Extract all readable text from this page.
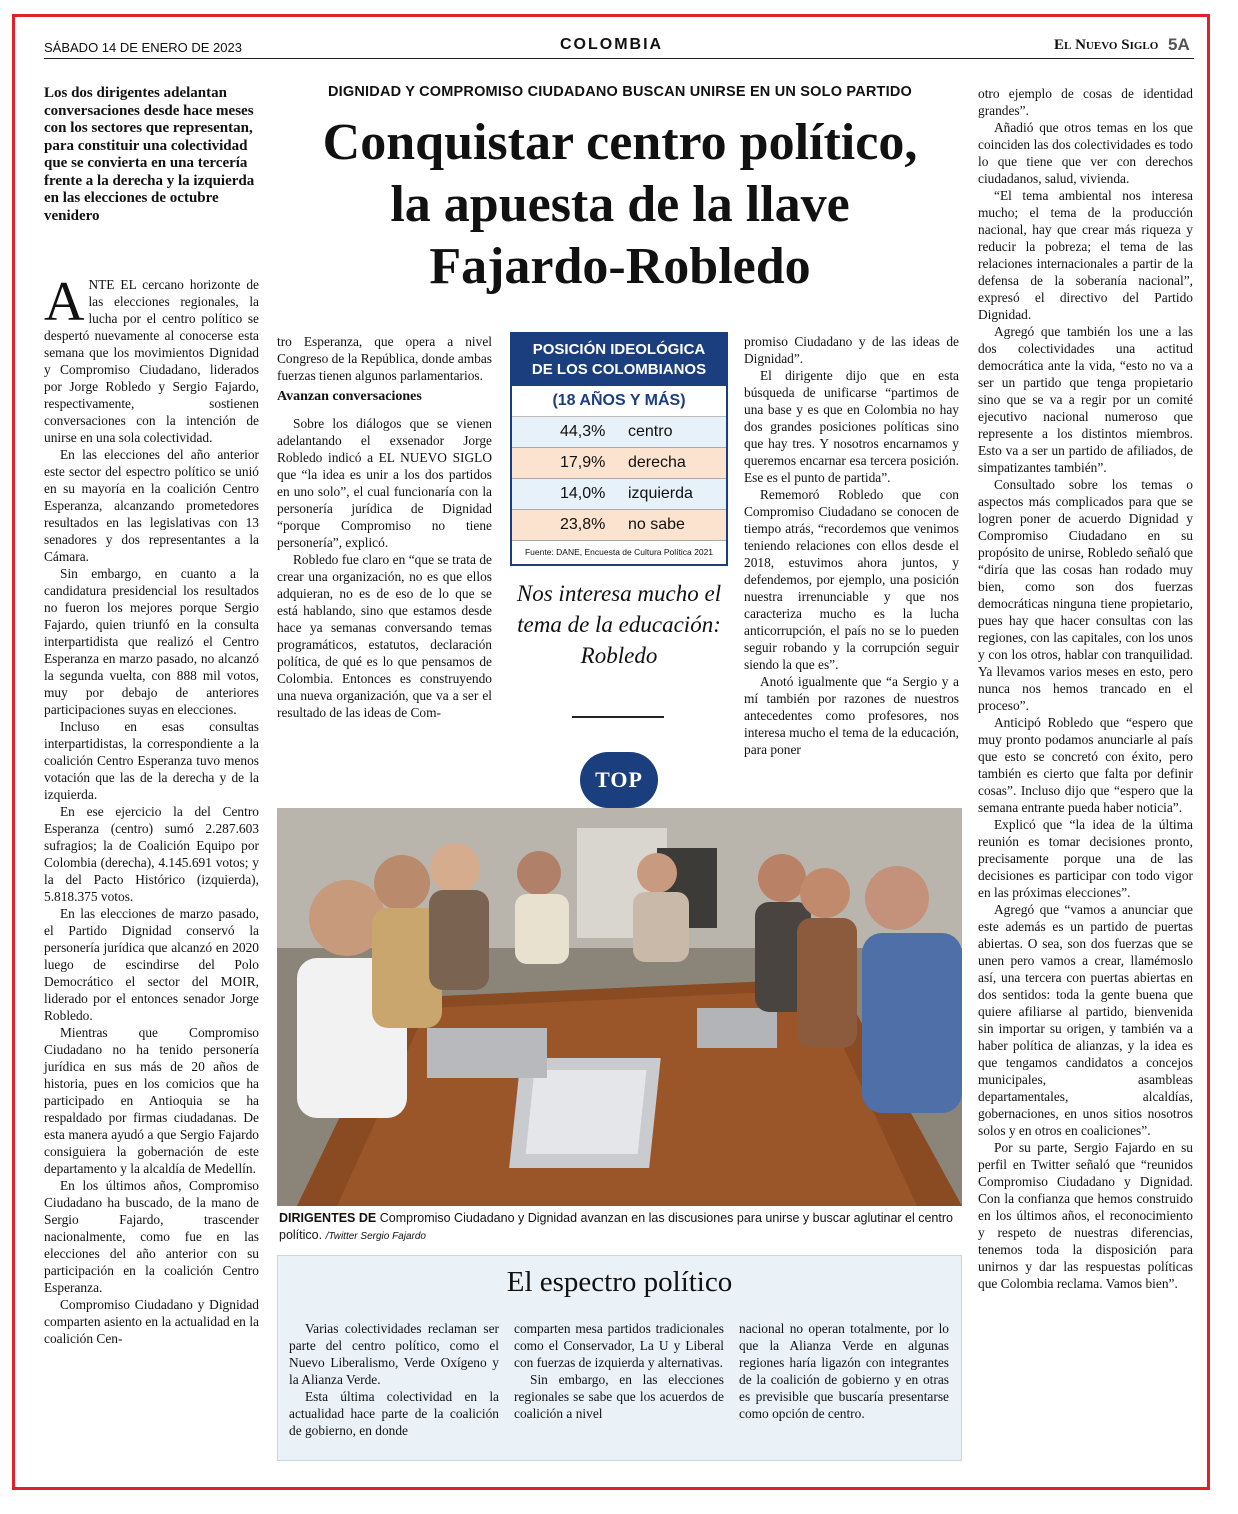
SÁBADO 14 DE ENERO DE 2023	COLOMBIA	El Nuevo Siglo 5A
Los dos dirigentes adelantan conversaciones desde hace meses con los sectores que representan, para constituir una colectividad que se convierta en una tercería frente a la derecha y la izquierda en las elecciones de octubre venidero
DIGNIDAD Y COMPROMISO CIUDADANO BUSCAN UNIRSE EN UN SOLO PARTIDO
Conquistar centro político,
la apuesta de la llave
Fajardo-Robledo

ANTE EL cercano horizonte de las elecciones regionales, la lucha por el centro político se despertó nuevamente al conocerse esta semana que los movimientos Dignidad y Compromiso Ciudadano, liderados por Jorge Robledo y Sergio Fajardo, respectivamente, sostienen conversaciones con la intención de unirse en una sola colectividad.

En las elecciones del año anterior este sector del espectro político se unió en su mayoría en la coalición Centro Esperanza, alcanzando prometedores resultados en las legislativas con 13 senadores y dos representantes a la Cámara.

Sin embargo, en cuanto a la candidatura presidencial los resultados no fueron los mejores porque Sergio Fajardo, quien triunfó en la consulta interpartidista que realizó el Centro Esperanza en marzo pasado, no alcanzó la segunda vuelta, con 888 mil votos, muy por debajo de anteriores participaciones suyas en elecciones.

Incluso en esas consultas interpartidistas, la correspondiente a la coalición Centro Esperanza tuvo menos votación que las de la derecha y de la izquierda.

En ese ejercicio la del Centro Esperanza (centro) sumó 2.287.603 sufragios; la de Coalición Equipo por Colombia (derecha), 4.145.691 votos; y la del Pacto Histórico (izquierda), 5.818.375 votos.

En las elecciones de marzo pasado, el Partido Dignidad conservó la personería jurídica que alcanzó en 2020 luego de escindirse del Polo Democrático el sector del MOIR, liderado por el entonces senador Jorge Robledo.

Mientras que Compromiso Ciudadano no ha tenido personería jurídica en sus más de 20 años de historia, pues en los comicios que ha participado en Antioquia se ha respaldado por firmas ciudadanas. De esta manera ayudó a que Sergio Fajardo consiguiera la gobernación de este departamento y la alcaldía de Medellín.

En los últimos años, Compromiso Ciudadano ha buscado, de la mano de Sergio Fajardo, trascender nacionalmente, como fue en las elecciones del año anterior con su participación en la coalición Centro Esperanza.

Compromiso Ciudadano y Dignidad comparten asiento en la actualidad en la coalición Cen-

tro Esperanza, que opera a nivel Congreso de la República, donde ambas fuerzas tienen algunos parlamentarios.

Avanzan conversaciones

Sobre los diálogos que se vienen adelantando el exsenador Jorge Robledo indicó a EL NUEVO SIGLO que “la idea es unir a los dos partidos en uno solo”, el cual funcionaría con la personería jurídica de Dignidad “porque Compromiso no tiene personería”, explicó.

Robledo fue claro en “que se trata de crear una organización, no es que ellos adquieran, no es de eso de lo que se está hablando, sino que estamos desde hace ya semanas conversando temas programáticos, estatutos, declaración política, de qué es lo que pensamos de Colombia. Entonces es construyendo una nueva organización, que va a ser el resultado de las ideas de Com-

POSICIÓN IDEOLÓGICA
DE LOS COLOMBIANOS
(18 AÑOS Y MÁS)
44,3%	centro
17,9%	derecha
14,0%	izquierda
23,8%	no sabe
Fuente: DANE, Encuesta de Cultura Política 2021
Nos interesa mucho el tema de la educación: Robledo
TOP

promiso Ciudadano y de las ideas de Dignidad”.

El dirigente dijo que en esta búsqueda de unificarse “partimos de una base y es que en Colombia no hay dos grandes posiciones políticas sino que hay tres. Y nosotros encarnamos y queremos encarnar esa tercera posición. Ese es el punto de partida”.

Rememoró Robledo que con Compromiso Ciudadano se conocen de tiempo atrás, “recordemos que venimos teniendo relaciones con ellos desde el 2018, estuvimos ahora juntos, y defendemos, por ejemplo, una posición nuestra irrenunciable y que nos caracteriza mucho es la lucha anticorrupción, el país no se lo pueden seguir robando y la corrupción seguir siendo la que es”.

Anotó igualmente que “a Sergio y a mí también por razones de nuestros antecedentes como profesores, nos interesa mucho el tema de la educación, para poner

otro ejemplo de cosas de identidad grandes”.

Añadió que otros temas en los que coinciden las dos colectividades es todo lo que tiene que ver con derechos ciudadanos, salud, vivienda.

“El tema ambiental nos interesa mucho; el tema de la producción nacional, hay que crear más riqueza y reducir la pobreza; el tema de las relaciones internacionales a partir de la defensa de la soberanía nacional”, expresó el directivo del Partido Dignidad.

Agregó que también los une a las dos colectividades una actitud democrática ante la vida, “esto no va a ser un partido que tenga propietario sino que se va a regir por un comité ejecutivo nacional numeroso que represente a los distintos miembros. Esto va a ser un partido de afiliados, de simpatizantes también”.

Consultado sobre los temas o aspectos más complicados para que se logren poner de acuerdo Dignidad y Compromiso Ciudadano en su propósito de unirse, Robledo señaló que “diría que las cosas han rodado muy bien, como son dos fuerzas democráticas ninguna tiene propietario, pues hay que hacer consultas con las regiones, con las capitales, con los unos y con los otros, hablar con tranquilidad. Ya llevamos varios meses en esto, pero nunca nos hemos trancado en el proceso”.

Anticipó Robledo que “espero que muy pronto podamos anunciarle al país que esto se concretó con éxito, pero también es cierto que falta por definir cosas”. Incluso dijo que “espero que la semana entrante pueda haber noticia”.

Explicó que “la idea de la última reunión es tomar decisiones pronto, precisamente porque una de las decisiones es participar con todo vigor en las próximas elecciones”.

Agregó que “vamos a anunciar que este además es un partido de puertas abiertas. O sea, son dos fuerzas que se unen pero vamos a crear, llamémoslo así, una tercera con puertas abiertas en dos sentidos: toda la gente buena que quiere afiliarse al partido, bienvenida sin importar su origen, y también va a haber política de alianzas, y la idea es que tengamos candidatos a concejos municipales, asambleas departamentales, alcaldías, gobernaciones, en unos sitios nosotros solos y en otros en coaliciones”.

Por su parte, Sergio Fajardo en su perfil en Twitter señaló que “reunidos Compromiso Ciudadano y Dignidad. Con la confianza que hemos construido en los últimos años, el reconocimiento y respeto de nuestras diferencias, tenemos toda la disposición para unirnos y dar las respuestas políticas que Colombia reclama. Vamos bien”.

DIRIGENTES DE Compromiso Ciudadano y Dignidad avanzan en las discusiones para unirse y buscar aglutinar el centro político. /Twitter Sergio Fajardo
El espectro político

Varias colectividades reclaman ser parte del centro político, como el Nuevo Liberalismo, Verde Oxígeno y la Alianza Verde.

Esta última colectividad en la actualidad hace parte de la coalición de gobierno, en donde

comparten mesa partidos tradicionales como el Conservador, La U y Liberal con fuerzas de izquierda y alternativas.

Sin embargo, en las elecciones regionales se sabe que los acuerdos de coalición a nivel

nacional no operan totalmente, por lo que la Alianza Verde en algunas regiones haría ligazón con integrantes de la coalición de gobierno y en otras es previsible que buscaría presentarse como opción de centro.
